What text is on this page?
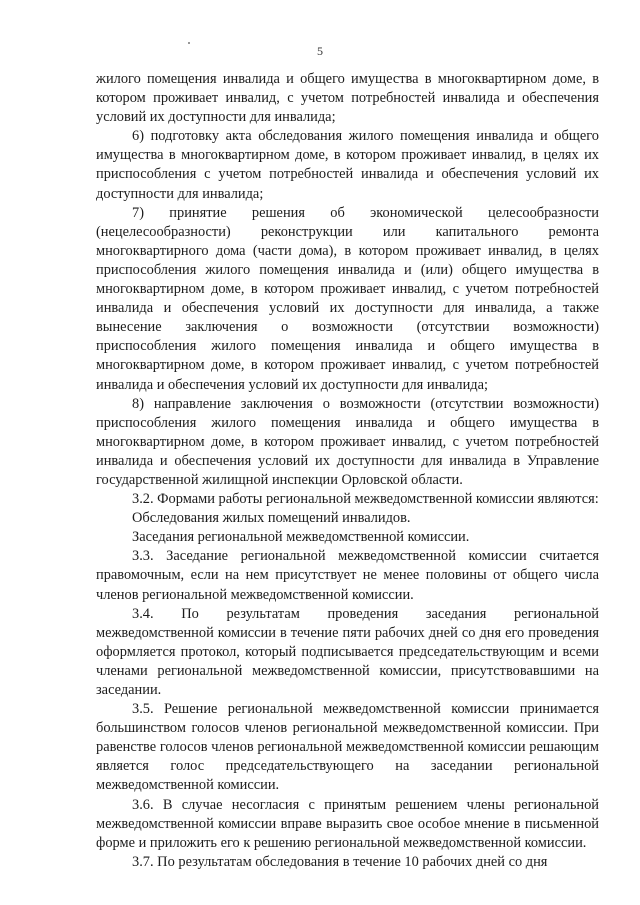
5

жилого помещения инвалида и общего имущества в многоквартирном доме, в котором проживает инвалид, с учетом потребностей инвалида и обеспечения условий их доступности для инвалида;

6) подготовку акта обследования жилого помещения инвалида и общего имущества в многоквартирном доме, в котором проживает инвалид, в целях их приспособления с учетом потребностей инвалида и обеспечения условий их доступности для инвалида;

7) принятие решения об экономической целесообразности (нецелесообразности) реконструкции или капитального ремонта многоквартирного дома (части дома), в котором проживает инвалид, в целях приспособления жилого помещения инвалида и (или) общего имущества в многоквартирном доме, в котором проживает инвалид, с учетом потребностей инвалида и обеспечения условий их доступности для инвалида, а также вынесение заключения о возможности (отсутствии возможности) приспособления жилого помещения инвалида и общего имущества в многоквартирном доме, в котором проживает инвалид, с учетом потребностей инвалида и обеспечения условий их доступности для инвалида;

8) направление заключения о возможности (отсутствии возможности) приспособления жилого помещения инвалида и общего имущества в многоквартирном доме, в котором проживает инвалид, с учетом потребностей инвалида и обеспечения условий их доступности для инвалида в Управление государственной жилищной инспекции Орловской области.

3.2. Формами работы региональной межведомственной комиссии являются:

Обследования жилых помещений инвалидов.

Заседания региональной межведомственной комиссии.

3.3. Заседание региональной межведомственной комиссии считается правомочным, если на нем присутствует не менее половины от общего числа членов региональной межведомственной комиссии.

3.4. По результатам проведения заседания региональной межведомственной комиссии в течение пяти рабочих дней со дня его проведения оформляется протокол, который подписывается председательствующим и всеми членами региональной межведомственной комиссии, присутствовавшими на заседании.

3.5. Решение региональной межведомственной комиссии принимается большинством голосов членов региональной межведомственной комиссии. При равенстве голосов членов региональной межведомственной комиссии решающим является голос председательствующего на заседании региональной межведомственной комиссии.

3.6. В случае несогласия с принятым решением члены региональной межведомственной комиссии вправе выразить свое особое мнение в письменной форме и приложить его к решению региональной межведомственной комиссии.

3.7. По результатам обследования в течение 10 рабочих дней со дня
